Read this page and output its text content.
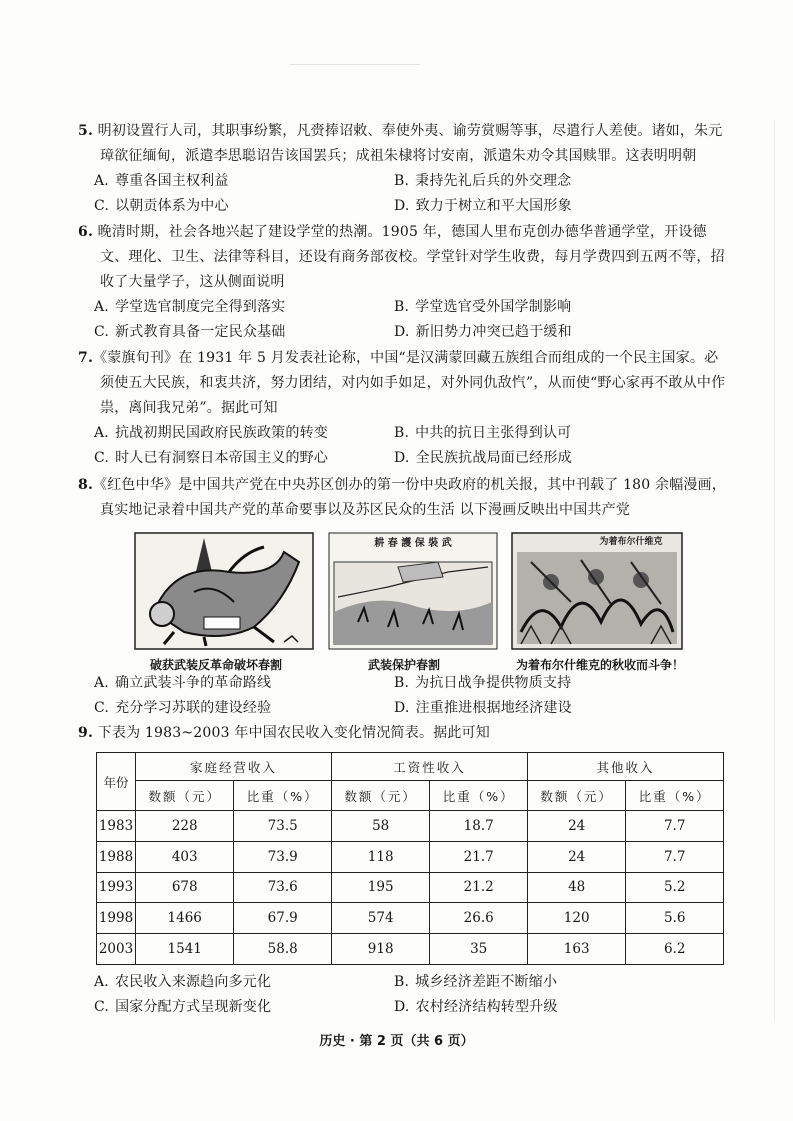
5. 明初设置行人司，其职事纷繁，凡赍捧诏敕、奉使外夷、谕劳赏赐等事，尽遣行人差使。诸如，朱元璋欲征缅甸，派遣李思聪诏告该国罢兵；成祖朱棣将讨安南，派遣朱劝令其国赎罪。这表明明朝
A. 尊重各国主权利益	B. 秉持先礼后兵的外交理念
C. 以朝贡体系为中心	D. 致力于树立和平大国形象
6. 晚清时期，社会各地兴起了建设学堂的热潮。1905 年，德国人里布克创办德华普通学堂，开设德文、理化、卫生、法律等科目，还设有商务部夜校。学堂针对学生收费，每月学费四到五两不等，招收了大量学子，这从侧面说明
A. 学堂选官制度完全得到落实	B. 学堂选官受外国学制影响
C. 新式教育具备一定民众基础	D. 新旧势力冲突已趋于缓和
7.《蒙旗旬刊》在 1931 年 5 月发表社论称，中国“是汉满蒙回藏五族组合而组成的一个民主国家。必须使五大民族，和衷共济，努力团结，对内如手如足，对外同仇敌忾”，从而使“野心家再不敢从中作祟，离间我兄弟”。据此可知
A. 抗战初期民国政府民族政策的转变	B. 中共的抗日主张得到认可
C. 时人已有洞察日本帝国主义的野心	D. 全民族抗战局面已经形成
8.《红色中华》是中国共产党在中央苏区创办的第一份中央政府的机关报，其中刊载了 180 余幅漫画，真实地记录着中国共产党的革命要事以及苏区民众的生活 以下漫画反映出中国共产党
耕 春 護 保 裝 武	为着布尔什维克
破获武装反革命破坏春割	武装保护春割	为着布尔什维克的秋收而斗争！
A. 确立武装斗争的革命路线	B. 为抗日战争提供物质支持
C. 充分学习苏联的建设经验	D. 注重推进根据地经济建设
9. 下表为 1983~2003 年中国农民收入变化情况简表。据此可知
年份	家庭经营收入		工资性收入		其他收入	
	数额（元）	比重（%）	数额（元）	比重（%）	数额（元）	比重（%）
1983	228	73.5	58	18.7	24	7.7
1988	403	73.9	118	21.7	24	7.7
1993	678	73.6	195	21.2	48	5.2
1998	1466	67.9	574	26.6	120	5.6
2003	1541	58.8	918	35	163	6.2
A. 农民收入来源趋向多元化	B. 城乡经济差距不断缩小
C. 国家分配方式呈现新变化	D. 农村经济结构转型升级
历史 · 第 2 页（共 6 页）
